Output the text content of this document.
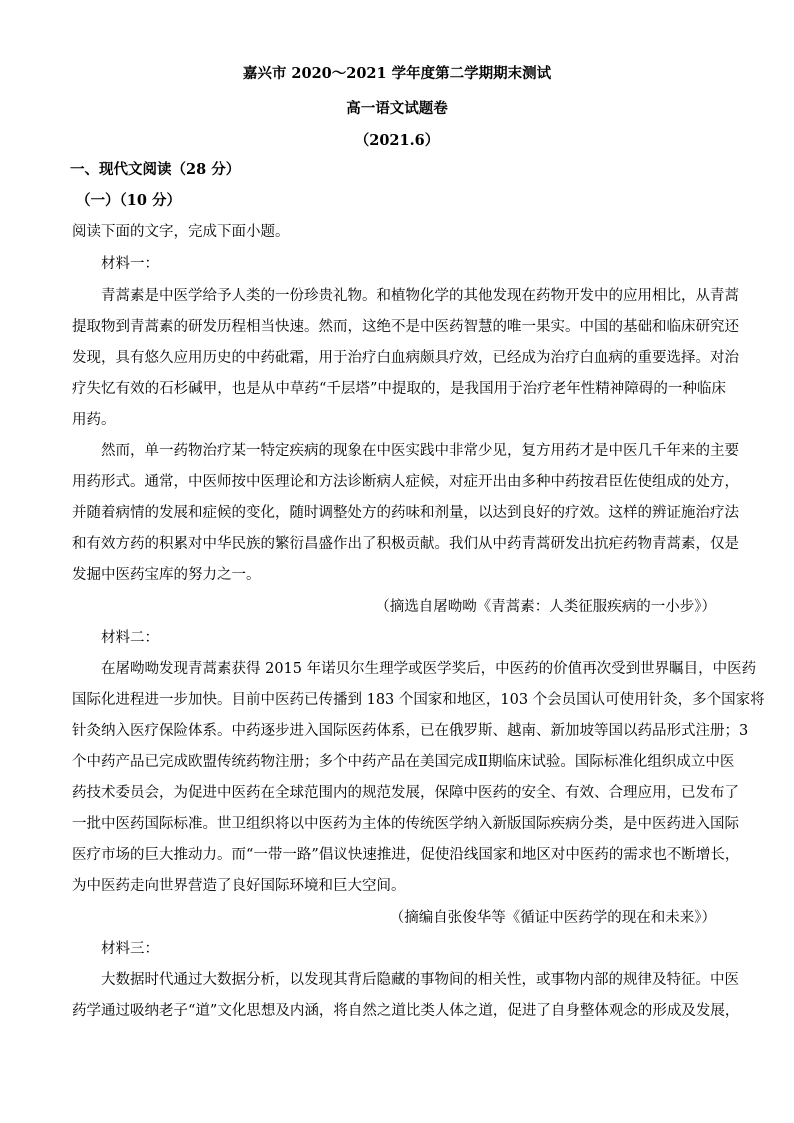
嘉兴市 2020～2021 学年度第二学期期末测试
高一语文试题卷
（2021.6）
一、现代文阅读（28 分）
（一）（10 分）
阅读下面的文字，完成下面小题。
材料一：
青蒿素是中医学给予人类的一份珍贵礼物。和植物化学的其他发现在药物开发中的应用相比，从青蒿
提取物到青蒿素的研发历程相当快速。然而，这绝不是中医药智慧的唯一果实。中国的基础和临床研究还
发现，具有悠久应用历史的中药砒霜，用于治疗白血病颇具疗效，已经成为治疗白血病的重要选择。对治
疗失忆有效的石杉碱甲，也是从中草药“千层塔”中提取的，是我国用于治疗老年性精神障碍的一种临床
用药。
然而，单一药物治疗某一特定疾病的现象在中医实践中非常少见，复方用药才是中医几千年来的主要
用药形式。通常，中医师按中医理论和方法诊断病人症候，对症开出由多种中药按君臣佐使组成的处方，
并随着病情的发展和症候的变化，随时调整处方的药味和剂量，以达到良好的疗效。这样的辨证施治疗法
和有效方药的积累对中华民族的繁衍昌盛作出了积极贡献。我们从中药青蒿研发出抗疟药物青蒿素，仅是
发掘中医药宝库的努力之一。
（摘选自屠呦呦《青蒿素：人类征服疾病的一小步》）
材料二：
在屠呦呦发现青蒿素获得 2015 年诺贝尔生理学或医学奖后，中医药的价值再次受到世界瞩目，中医药
国际化进程进一步加快。目前中医药已传播到 183 个国家和地区，103 个会员国认可使用针灸，多个国家将
针灸纳入医疗保险体系。中药逐步进入国际医药体系，已在俄罗斯、越南、新加坡等国以药品形式注册；3
个中药产品已完成欧盟传统药物注册；多个中药产品在美国完成Ⅱ期临床试验。国际标准化组织成立中医
药技术委员会，为促进中医药在全球范围内的规范发展，保障中医药的安全、有效、合理应用，已发布了
一批中医药国际标准。世卫组织将以中医药为主体的传统医学纳入新版国际疾病分类，是中医药进入国际
医疗市场的巨大推动力。而“一带一路”倡议快速推进，促使沿线国家和地区对中医药的需求也不断增长，
为中医药走向世界营造了良好国际环境和巨大空间。
（摘编自张俊华等《循证中医药学的现在和未来》）
材料三：
大数据时代通过大数据分析，以发现其背后隐藏的事物间的相关性，或事物内部的规律及特征。中医
药学通过吸纳老子“道”文化思想及内涵，将自然之道比类人体之道，促进了自身整体观念的形成及发展，
